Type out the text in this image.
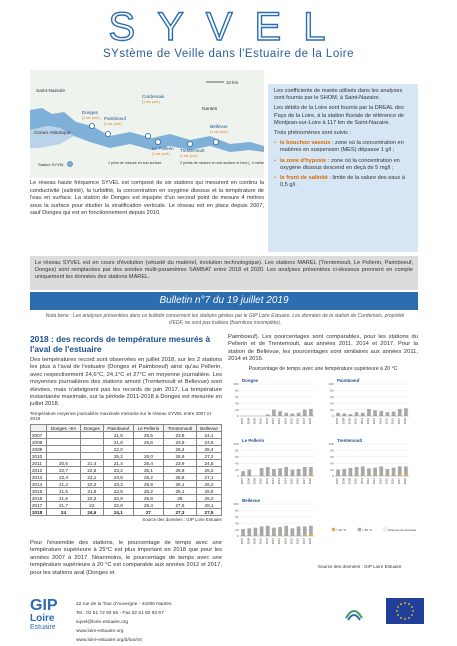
SYVEL
SYstème de Veille dans l'Estuaire de la Loire
10 km
Donges
(2 niv. prof.) Paimboeuf
(1 niv. prof.)
Cordemais
(1 niv. prof.)
Le Pellerin
(1 niv. prof.)
Trentemoult
(1 niv. prof.)
Bellevue
(1 niv. prof.)
Saint-Nazaire
Océan Atlantique
Nantes
Station SYVEL	1 point de mesure en sub-surface	2 points de mesure en sub-surface et fond (- 4 mètres)
Le réseau haute fréquence SYVEL est composé de six stations qui mesurent en continu la conductivité (salinité), la turbidité, la concentration en oxygène dissous et la température de l'eau en surface. La station de Donges est équipée d'un second point de mesure 4 mètres sous la surface pour étudier la stratification verticale. Le réseau est en place depuis 2007, sauf Donges qui est en fonctionnement depuis 2010.

Les coefficients de marée utilisés dans les analyses sont fournis par le SHOM, à Saint-Nazaire.

Les débits de la Loire sont fournis par la DREAL des Pays de la Loire, à la station fluviale de référence de Montjean-sur-Loire à 117 km de Saint-Nazaire.

Trois phénomènes sont suivis :

• le bouchon vaseux : zone où la concentration en matières en suspension (MES) dépasse 1 g/l ;
• la zone d'hypoxie : zone où la concentration en oxygène dissous descend en deçà de 5 mg/l ;
• le front de salinité : limite de la salure des eaux à 0,5 g/l.
Le réseau SYVEL est en cours d'évolution (vétusté du matériel, évolution technologique). Les stations MAREL (Trentemoult, Le Pellerin, Paimboeuf, Donges) sont remplacées par des sondes multi-paramètres SAMBAT entre 2018 et 2020. Les analyses présentées ci-dessous prennent en compte uniquement les données des stations MAREL.
Bulletin n°7 du 19 juillet 2019
Nota bene : Les analyses présentées dans ce bulletin concernent les stations gérées par le GIP Loire Estuaire. Les données de la station de Cordemais, propriété d'EDF, ne sont pas traitées (fourniture incomplète).
2018 : des records de température mesurés à l'aval de l'estuaire
Des températures record sont observées en juillet 2018, sur les 2 stations les plus à l'aval de l'estuaire (Donges et Paimboeuf) ainsi qu'au Pellerin, avec respectivement 24,6°C, 24,1°C et 27°C en moyenne journalière. Les moyennes journalières des stations amont (Trentemoult et Bellevue) sont élevées, mais n'atteignent pas les records de juin 2017. La température instantanée maximale, sur la période 2011-2018 à Donges est mesurée en juillet 2018.
Température moyenne journalière maximale mesurée sur le réseau SYVEL entre 2007 et 2018
	Donges -4m	Donges	Paimboeuf	Le Pellerin	Trentemoult	Bellevue
2007			21,6	25,5	23,8	24,1
2008			21,8	25,6	23,9	24,5
2009			22,0		26,4	25,4
2010			25,2	26,0	26,8	27,2
2011	20,6	21,4	21,4	25,4	23,9	24,5
2012	22,7	22,6	23,2	25,1	25,8	26,2
2013	22,4	23,1	23,5	26,2	26,8	27,1
2014	21,2	22,2	23,3	25,9	26,1	26,2
2015	21,5	21,6	22,5	25,2	26,1	26,5
2016	21,6	22,2	22,9	25,8	26	26,2
2017	21,7	22	22,6	26,4	27,6	28,1
2018	24	24,6	24,1	27	27,3	27,5
Source des données : GIP Loire Estuaire
Pour l'ensemble des stations, le pourcentage de temps avec une température supérieure à 25°C est plus important en 2018 que pour les années 2007 à 2017. Néanmoins, le pourcentage de temps avec une température supérieure à 20 °C est comparable aux années 2012 et 2017, pour les stations aval (Donges et
Paimboeuf). Les pourcentages sont comparables, pour les stations du Pellerin et de Trentemoult, aux années 2011, 2014 et 2017. Pour la station de Bellevue, les pourcentages sont similaires aux années 2011, 2014 et 2016.
Pourcentage de temps avec une température supérieure à 20 °C
Donges
0
20
40
60
80
100
2007 2008 2009 2010 2011 2012 2013 2014 2015 2016 2017 2018
Paimboeuf
0
20
40
60
80
100
2007 2008 2009 2010 2011 2012 2013 2014 2015 2016 2017 2018
Le Pellerin
0
20
40
60
80
100
2007 2008 2009 2010 2011 2012 2013 2014 2015 2016 2017 2018
Trentemoult
0
20
40
60
80
100
2007 2008 2009 2010 2011 2012 2013 2014 2015 2016 2017 2018
Bellevue
0
20
40
60
80
100
2007 2008 2009 2010 2011 2012 2013 2014 2015 2016 2017 2018
> 20 °C	> 25 °C	Absence de données
Source des données : GIP Loire Estuaire
GIP
Loire
Estuaire
22 rue de la Tour d'Auvergne - 44200 Nantes
Tel.: 02 51 72 93 65 - Fax 02 51 82 93 67
sqvel@loire-estuaire.org
www.loire-estuaire.org
www.loire-estuaire.org/d/loo/mt
